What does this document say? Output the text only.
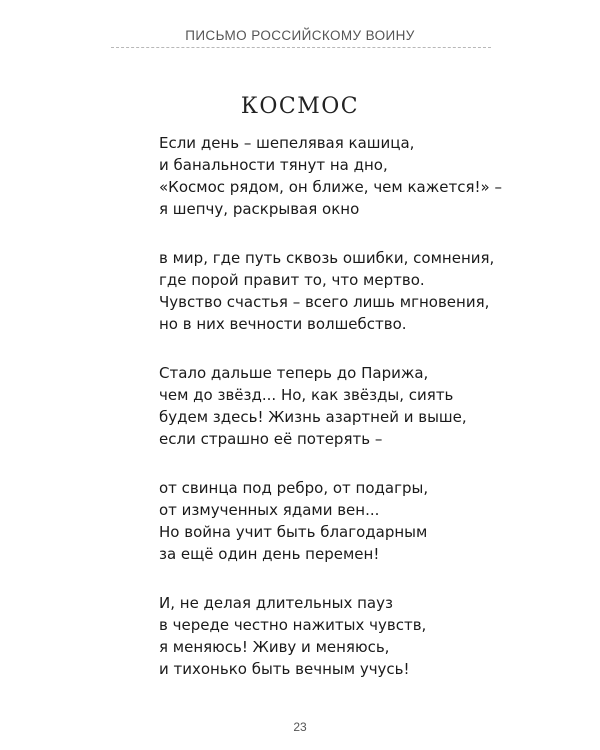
ПИСЬМО РОССИЙСКОМУ ВОИНУ
КОСМОС

Если день – шепелявая кашица,
и банальности тянут на дно,
«Космос рядом, он ближе, чем кажется!» –
я шепчу, раскрывая окно

в мир, где путь сквозь ошибки, сомнения,
где порой правит то, что мертво.
Чувство счастья – всего лишь мгновения,
но в них вечности волшебство.

Стало дальше теперь до Парижа,
чем до звёзд... Но, как звёзды, сиять
будем здесь! Жизнь азартней и выше,
если страшно её потерять –

от свинца под ребро, от подагры,
от измученных ядами вен...
Но война учит быть благодарным
за ещё один день перемен!

И, не делая длительных пауз
в череде честно нажитых чувств,
я меняюсь! Живу и меняюсь,
и тихонько быть вечным учусь!

23
